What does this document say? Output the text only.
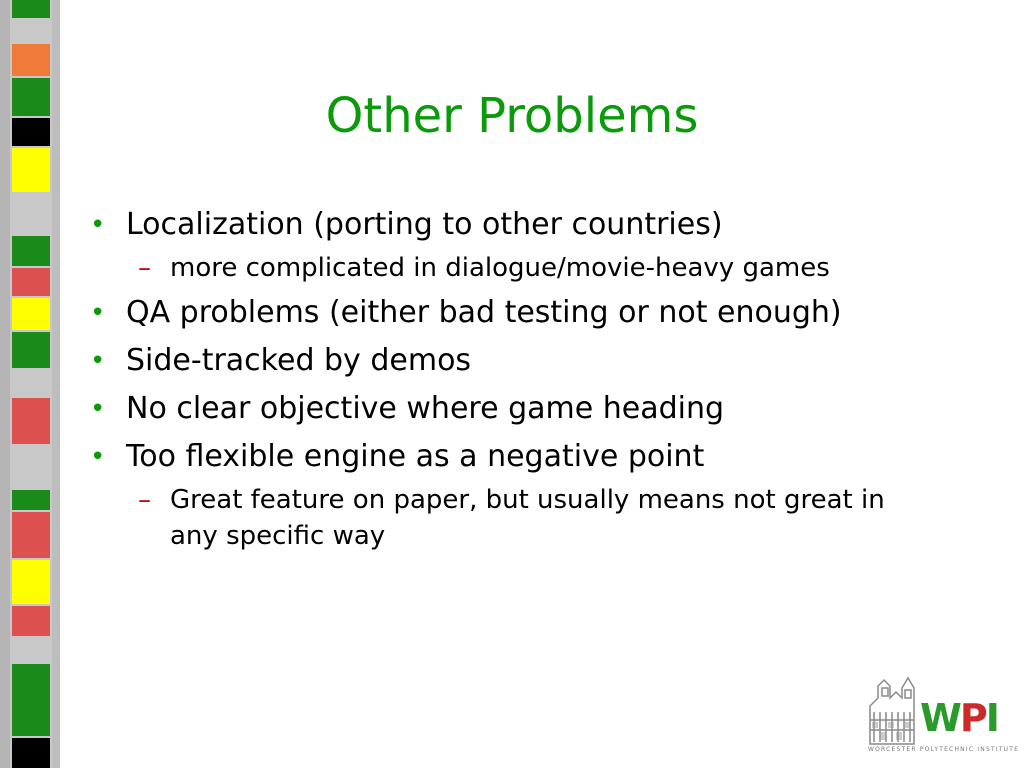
Other Problems
• Localization (porting to other countries)
– more complicated in dialogue/movie-heavy games
• QA problems (either bad testing or not enough)
• Side-tracked by demos
• No clear objective where game heading
• Too flexible engine as a negative point
– Great feature on paper, but usually means not great in any specific way
WPI
WORCESTER POLYTECHNIC INSTITUTE
